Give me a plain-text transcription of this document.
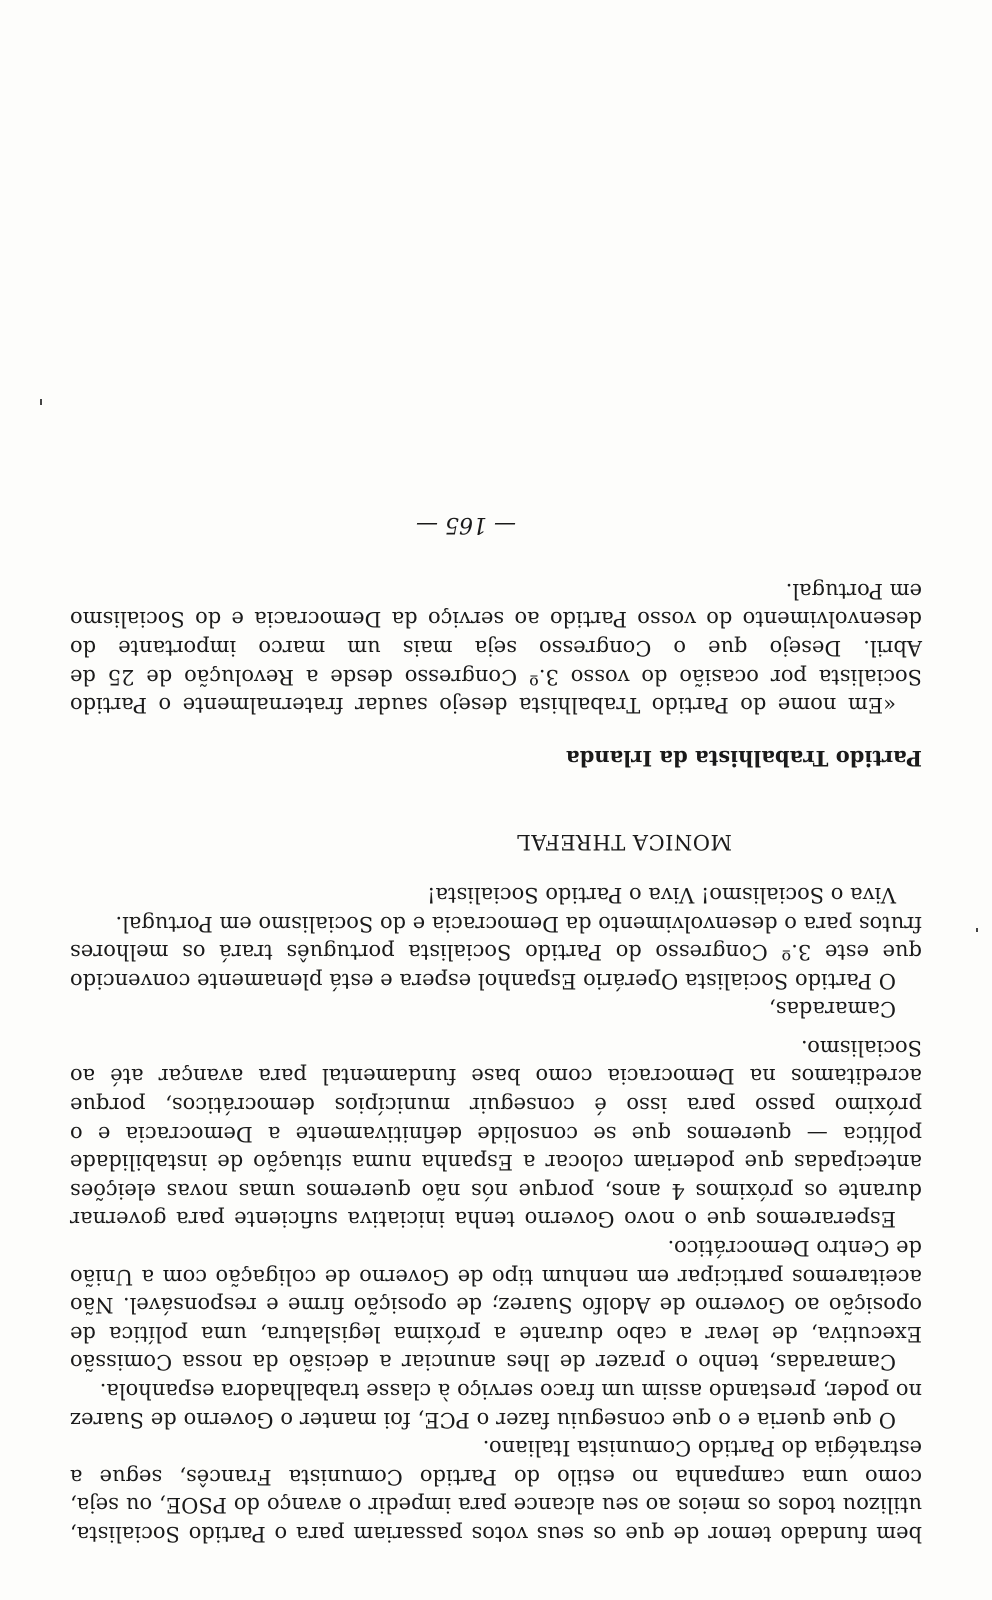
bem fundado temor de que os seus votos passariam para o Partido Socialista, utilizou todos os meios ao seu alcance para impedir o avanço do PSOE, ou seja, como uma campanha no estilo do Partido Comunista Francês, segue a estratégia do Partido Comunista Italiano.

O que queria e o que conseguiu fazer o PCE, foi manter o Governo de Suarez no poder, prestando assim um fraco serviço à classe trabalhadora espanhola.

Camaradas, tenho o prazer de lhes anunciar a decisão da nossa Comissão Executiva, de levar a cabo durante a próxima legislatura, uma política de oposição ao Governo de Adolfo Suarez; de oposição firme e responsável. Não aceitaremos participar em nenhum tipo de Governo de coligação com a União de Centro Democrático.

Esperaremos que o novo Governo tenha iniciativa suficiente para governar durante os próximos 4 anos, porque nós não queremos umas novas eleições antecipadas que poderiam colocar a Espanha numa situação de instabilidade política — queremos que se consolide definitivamente a Democracia e o próximo passo para isso é conseguir municípios democráticos, porque acreditamos na Democracia como base fundamental para avançar até ao Socialismo.

Camaradas,

O Partido Socialista Operário Espanhol espera e está plenamente convencido que este 3.º Congresso do Partido Socialista português trará os melhores frutos para o desenvolvimento da Democracia e do Socialismo em Portugal.

Viva o Socialismo! Viva o Partido Socialista!

MONICA THREFAL

Partido Trabalhista da Irlanda

«Em nome do Partido Trabalhista desejo saudar fraternalmente o Partido Socialista por ocasião do vosso 3.º Congresso desde a Revolução de 25 de Abril. Desejo que o Congresso seja mais um marco importante do desenvolvimento do vosso Partido ao serviço da Democracia e do Socialismo em Portugal.

— 165 —
